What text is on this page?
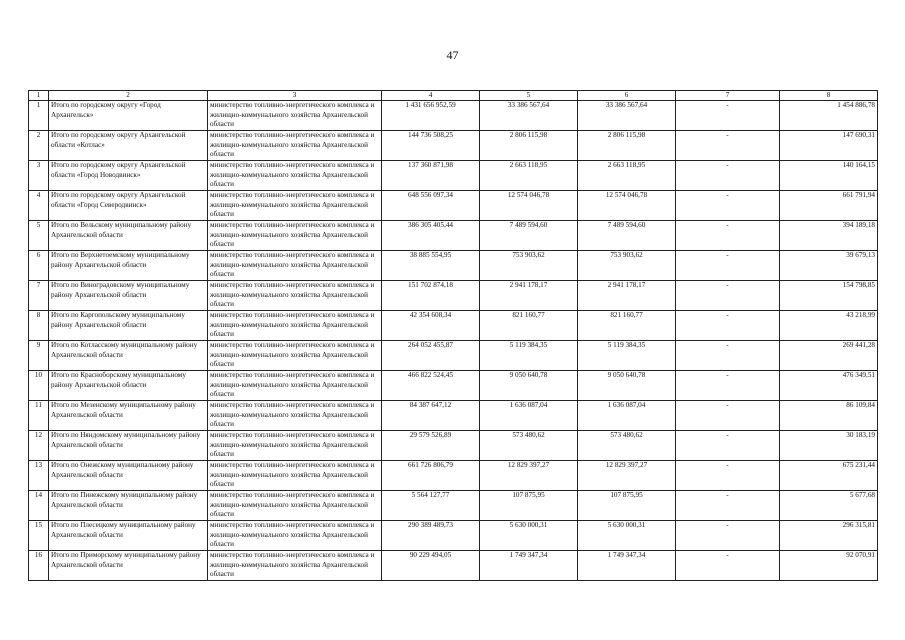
47
1	2	3	4	5	6	7	8
1	Итого по городскому округу «Город Архангельск»	министерство топливно-энергетического комплекса и жилищно-коммунального хозяйства Архангельской области	1 431 656 952,59	33 386 567,64	33 386 567,64	-	1 454 886,78
2	Итого по городскому округу Архангельской области «Котлас»	министерство топливно-энергетического комплекса и жилищно-коммунального хозяйства Архангельской области	144 736 508,25	2 806 115,98	2 806 115,98	-	147 690,31
3	Итого по городскому округу Архангельской области «Город Новодвинск»	министерство топливно-энергетического комплекса и жилищно-коммунального хозяйства Архангельской области	137 360 871,98	2 663 118,95	2 663 118,95	-	140 164,15
4	Итого по городскому округу Архангельской области «Город Северодвинск»	министерство топливно-энергетического комплекса и жилищно-коммунального хозяйства Архангельской области	648 556 097,34	12 574 046,78	12 574 046,78	-	661 791,94
5	Итого по Вельскому муниципальному району Архангельской области	министерство топливно-энергетического комплекса и жилищно-коммунального хозяйства Архангельской области	386 305 405,44	7 489 594,60	7 489 594,60	-	394 189,18
6	Итого по Верхнетоемскому муниципальному району Архангельской области	министерство топливно-энергетического комплекса и жилищно-коммунального хозяйства Архангельской области	38 885 554,95	753 903,62	753 903,62	-	39 679,13
7	Итого по Виноградовскому муниципальному району Архангельской области	министерство топливно-энергетического комплекса и жилищно-коммунального хозяйства Архангельской области	151 702 874,18	2 941 178,17	2 941 178,17	-	154 798,85
8	Итого по Каргопольскому муниципальному району Архангельской области	министерство топливно-энергетического комплекса и жилищно-коммунального хозяйства Архангельской области	42 354 608,34	821 160,77	821 160,77	-	43 218,99
9	Итого по Котласскому муниципальному району Архангельской области	министерство топливно-энергетического комплекса и жилищно-коммунального хозяйства Архангельской области	264 052 455,87	5 119 384,35	5 119 384,35	-	269 441,28
10	Итого по Красноборскому муниципальному району Архангельской области	министерство топливно-энергетического комплекса и жилищно-коммунального хозяйства Архангельской области	466 822 524,45	9 050 640,78	9 050 640,78	-	476 349,51
11	Итого по Мезенскому муниципальному району Архангельской области	министерство топливно-энергетического комплекса и жилищно-коммунального хозяйства Архангельской области	84 387 647,12	1 636 087,04	1 636 087,04	-	86 109,84
12	Итого по Няндомскому муниципальному району Архангельской области	министерство топливно-энергетического комплекса и жилищно-коммунального хозяйства Архангельской области	29 579 526,89	573 480,62	573 480,62	-	30 183,19
13	Итого по Онежскому муниципальному району Архангельской области	министерство топливно-энергетического комплекса и жилищно-коммунального хозяйства Архангельской области	661 726 806,79	12 829 397,27	12 829 397,27	-	675 231,44
14	Итого по Пинежскому муниципальному району Архангельской области	министерство топливно-энергетического комплекса и жилищно-коммунального хозяйства Архангельской области	5 564 127,77	107 875,95	107 875,95	-	5 677,68
15	Итого по Плесецкому муниципальному району Архангельской области	министерство топливно-энергетического комплекса и жилищно-коммунального хозяйства Архангельской области	290 389 489,73	5 630 000,31	5 630 000,31	-	296 315,81
16	Итого по Приморскому муниципальному району Архангельской области	министерство топливно-энергетического комплекса и жилищно-коммунального хозяйства Архангельской области	90 229 494,05	1 749 347,34	1 749 347,34	-	92 070,91
